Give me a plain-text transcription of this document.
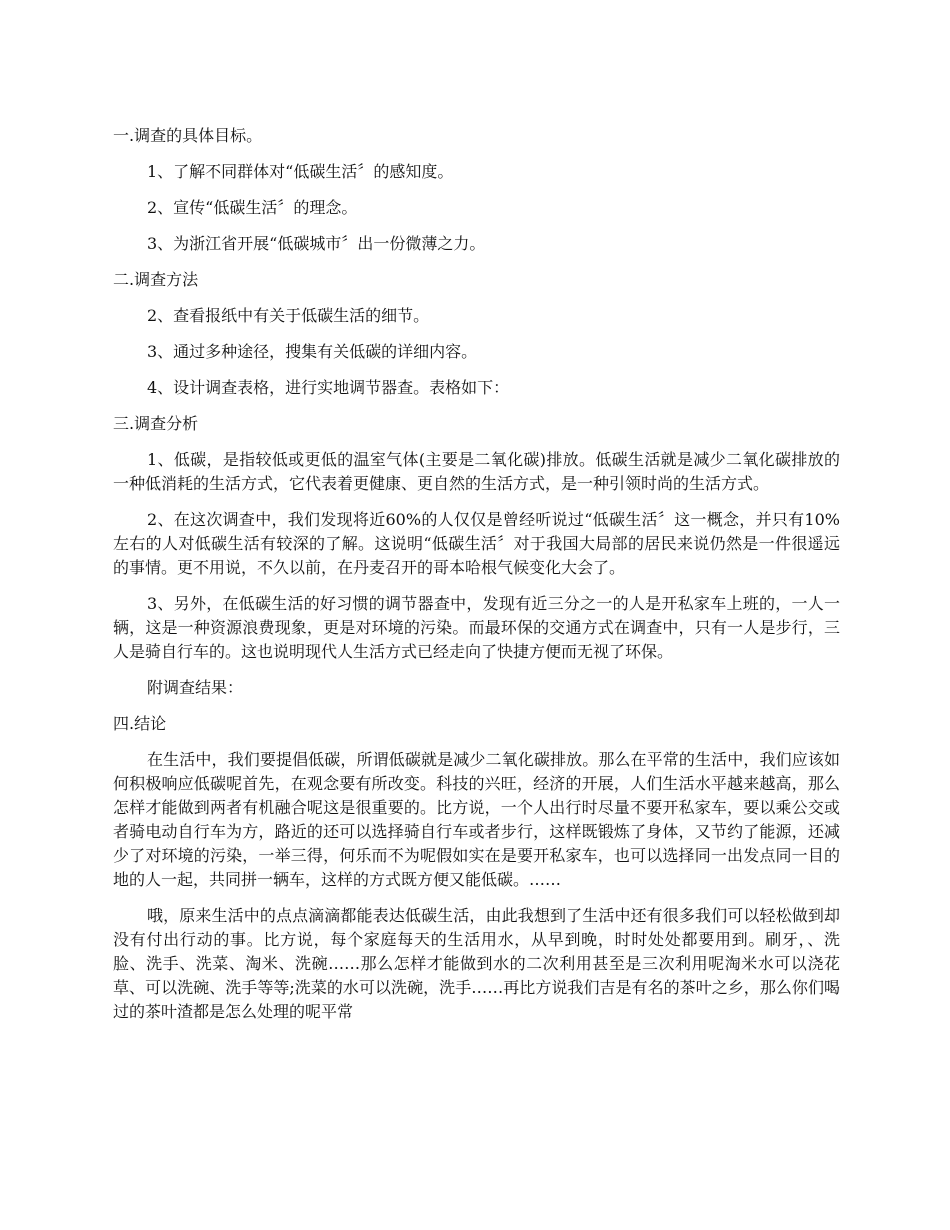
一.调查的具体目标。
1、了解不同群体对“低碳生活〞的感知度。
2、宣传“低碳生活〞的理念。
3、为浙江省开展“低碳城市〞出一份微薄之力。
二.调查方法
2、查看报纸中有关于低碳生活的细节。
3、通过多种途径，搜集有关低碳的详细内容。
4、设计调查表格，进行实地调节器查。表格如下：
三.调查分析
1、低碳，是指较低或更低的温室气体(主要是二氧化碳)排放。低碳生活就是减少二氧化碳排放的一种低消耗的生活方式，它代表着更健康、更自然的生活方式，是一种引领时尚的生活方式。
2、在这次调查中，我们发现将近60%的人仅仅是曾经听说过“低碳生活〞这一概念，并只有10%左右的人对低碳生活有较深的了解。这说明“低碳生活〞对于我国大局部的居民来说仍然是一件很遥远的事情。更不用说，不久以前，在丹麦召开的哥本哈根气候变化大会了。
3、另外，在低碳生活的好习惯的调节器查中，发现有近三分之一的人是开私家车上班的，一人一辆，这是一种资源浪费现象，更是对环境的污染。而最环保的交通方式在调查中，只有一人是步行，三人是骑自行车的。这也说明现代人生活方式已经走向了快捷方便而无视了环保。
附调查结果：
四.结论
在生活中，我们要提倡低碳，所谓低碳就是减少二氧化碳排放。那么在平常的生活中，我们应该如何积极响应低碳呢首先，在观念要有所改变。科技的兴旺，经济的开展，人们生活水平越来越高，那么怎样才能做到两者有机融合呢这是很重要的。比方说，一个人出行时尽量不要开私家车，要以乘公交或者骑电动自行车为方，路近的还可以选择骑自行车或者步行，这样既锻炼了身体，又节约了能源，还减少了对环境的污染，一举三得，何乐而不为呢假如实在是要开私家车，也可以选择同一出发点同一目的地的人一起，共同拼一辆车，这样的方式既方便又能低碳。……
哦，原来生活中的点点滴滴都能表达低碳生活，由此我想到了生活中还有很多我们可以轻松做到却没有付出行动的事。比方说，每个家庭每天的生活用水，从早到晚，时时处处都要用到。刷牙，、洗脸、洗手、洗菜、淘米、洗碗……那么怎样才能做到水的二次利用甚至是三次利用呢淘米水可以浇花草、可以洗碗、洗手等等;洗菜的水可以洗碗，洗手……再比方说我们吉是有名的茶叶之乡，那么你们喝过的茶叶渣都是怎么处理的呢平常
